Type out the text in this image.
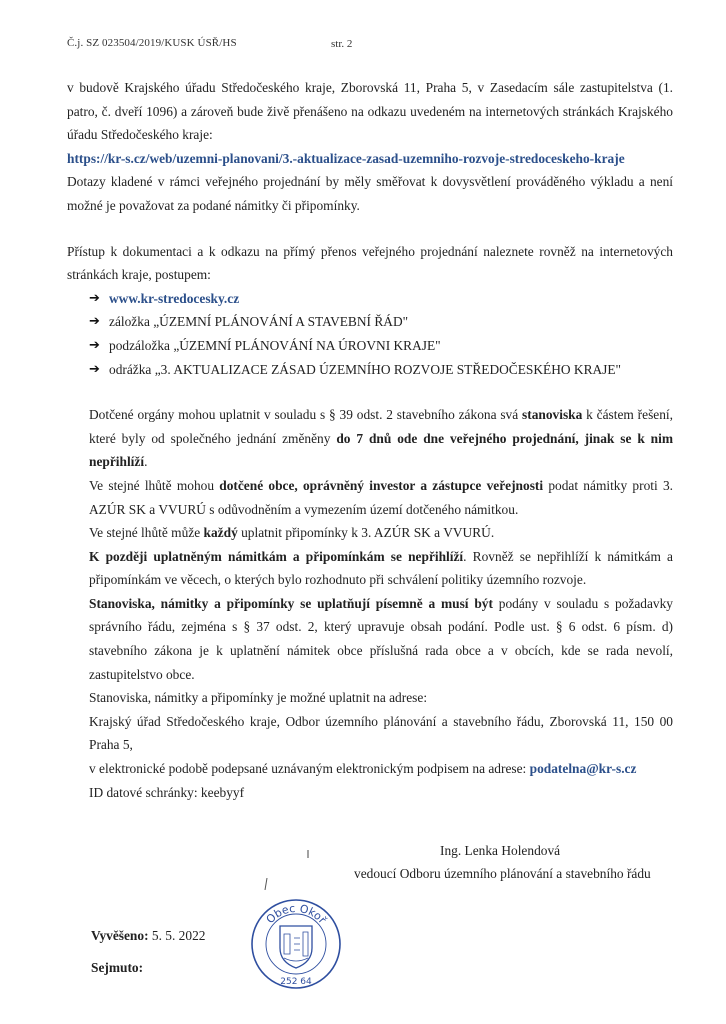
Č.j. SZ 023504/2019/KUSK ÚSŘ/HS	str. 2

v budově Krajského úřadu Středočeského kraje, Zborovská 11, Praha 5, v Zasedacím sále zastupitelstva (1. patro, č. dveří 1096) a zároveň bude živě přenášeno na odkazu uvedeném na internetových stránkách Krajského úřadu Středočeského kraje:

https://kr-s.cz/web/uzemni-planovani/3.-aktualizace-zasad-uzemniho-rozvoje-stredoceskeho-kraje

Dotazy kladené v rámci veřejného projednání by měly směřovat k dovysvětlení prováděného výkladu a není možné je považovat za podané námitky či připomínky.

Přístup k dokumentaci a k odkazu na přímý přenos veřejného projednání naleznete rovněž na internetových stránkách kraje, postupem:

➔ www.kr-stredocesky.cz
➔ záložka „ÚZEMNÍ PLÁNOVÁNÍ A STAVEBNÍ ŘÁD"
➔ podzáložka „ÚZEMNÍ PLÁNOVÁNÍ NA ÚROVNI KRAJE"
➔ odrážka „3. AKTUALIZACE ZÁSAD ÚZEMNÍHO ROZVOJE STŘEDOČESKÉHO KRAJE"

Dotčené orgány mohou uplatnit v souladu s § 39 odst. 2 stavebního zákona svá stanoviska k částem řešení, které byly od společného jednání změněny do 7 dnů ode dne veřejného projednání, jinak se k nim nepřihlíží.

Ve stejné lhůtě mohou dotčené obce, oprávněný investor a zástupce veřejnosti podat námitky proti 3. AZÚR SK a VVURÚ s odůvodněním a vymezením území dotčeného námitkou.

Ve stejné lhůtě může každý uplatnit připomínky k 3. AZÚR SK a VVURÚ.

K později uplatněným námitkám a připomínkám se nepřihlíží. Rovněž se nepřihlíží k námitkám a připomínkám ve věcech, o kterých bylo rozhodnuto při schválení politiky územního rozvoje.

Stanoviska, námitky a připomínky se uplatňují písemně a musí být podány v souladu s požadavky správního řádu, zejména s § 37 odst. 2, který upravuje obsah podání. Podle ust. § 6 odst. 6 písm. d) stavebního zákona je k uplatnění námitek obce příslušná rada obce a v obcích, kde se rada nevolí, zastupitelstvo obce.

Stanoviska, námitky a připomínky je možné uplatnit na adrese:

Krajský úřad Středočeského kraje, Odbor územního plánování a stavebního řádu, Zborovská 11, 150 00 Praha 5,

v elektronické podobě podepsané uznávaným elektronickým podpisem na adrese: podatelna@kr-s.cz

ID datové schránky: keebyyf

Ing. Lenka Holendová
vedoucí Odboru územního plánování a stavebního řádu
Vyvěšeno: 5. 5. 2022
Sejmuto:
Obec Okoř
252 64
